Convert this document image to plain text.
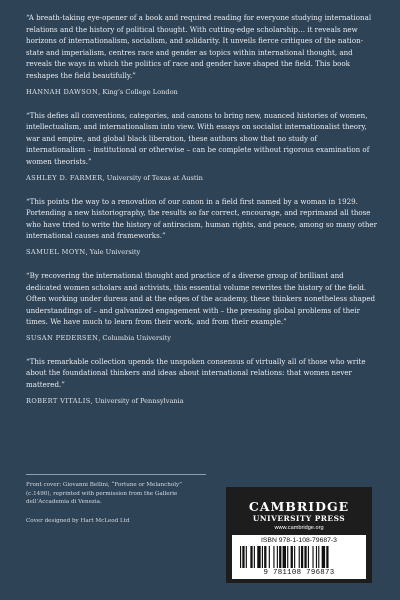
“A breath-taking eye-opener of a book and required reading for everyone studying international relations and the history of political thought. With cutting-edge scholarship… it reveals new horizons of internationalism, socialism, and solidarity. It unveils fierce critiques of the nation-state and imperialism, centres race and gender as topics within international thought, and reveals the ways in which the politics of race and gender have shaped the field. This book reshapes the field beautifully.”

HANNAH DAWSON, King’s College London

“This defies all conventions, categories, and canons to bring new, nuanced histories of women, intellectualism, and internationalism into view. With essays on socialist internationalist theory, war and empire, and global black liberation, these authors show that no study of internationalism – institutional or otherwise – can be complete without rigorous examination of women theorists.”

ASHLEY D. FARMER, University of Texas at Austin

“This points the way to a renovation of our canon in a field first named by a woman in 1929. Portending a new historiography, the results so far correct, encourage, and reprimand all those who have tried to write the history of antiracism, human rights, and peace, among so many other international causes and frameworks.”

SAMUEL MOYN, Yale University

“By recovering the international thought and practice of a diverse group of brilliant and dedicated women scholars and activists, this essential volume rewrites the history of the field. Often working under duress and at the edges of the academy, these thinkers nonetheless shaped understandings of – and galvanized engagement with – the pressing global problems of their times. We have much to learn from their work, and from their example.”

SUSAN PEDERSEN, Columbia University

“This remarkable collection upends the unspoken consensus of virtually all of those who write about the foundational thinkers and ideas about international relations: that women never mattered.”

ROBERT VITALIS, University of Pennsylvania

Front cover: Giovanni Bellini, “Fortune or Melancholy” (c.1490), reprinted with permission from the Gallerie dell’Accademia di Venezia.

Cover designed by Hart McLeod Ltd

CAMBRIDGE
UNIVERSITY PRESS
www.cambridge.org
ISBN 978-1-108-79687-3
9 781108 796873
